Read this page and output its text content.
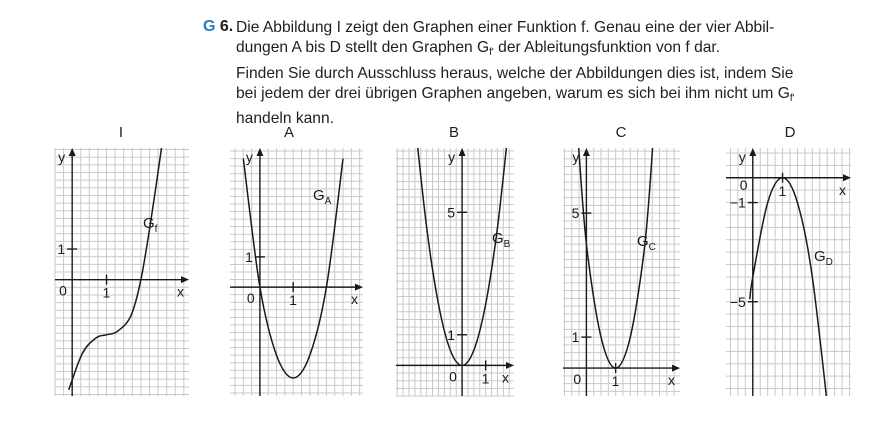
G 6. Die Abbildung I zeigt den Graphen einer Funktion f. Genau eine der vier Abbil-
dungen A bis D stellt den Graphen $G_{f'}$ der Ableitungsfunktion von f dar.
Finden Sie durch Ausschluss heraus, welche der Abbildungen dies ist, indem Sie
bei jedem der drei übrigen Graphen angeben, warum es sich bei ihm nicht um $G_{f'}$
handeln kann.
I	A	B	C	D
x
y
0	1
1
$G_f$
x
y
0 1
1
$G_A$
x
y
0 1
1
5
$G_B$
x
y
0 1
1
5
$G_C$
x
y
0 1
−1
−5
$G_D$
